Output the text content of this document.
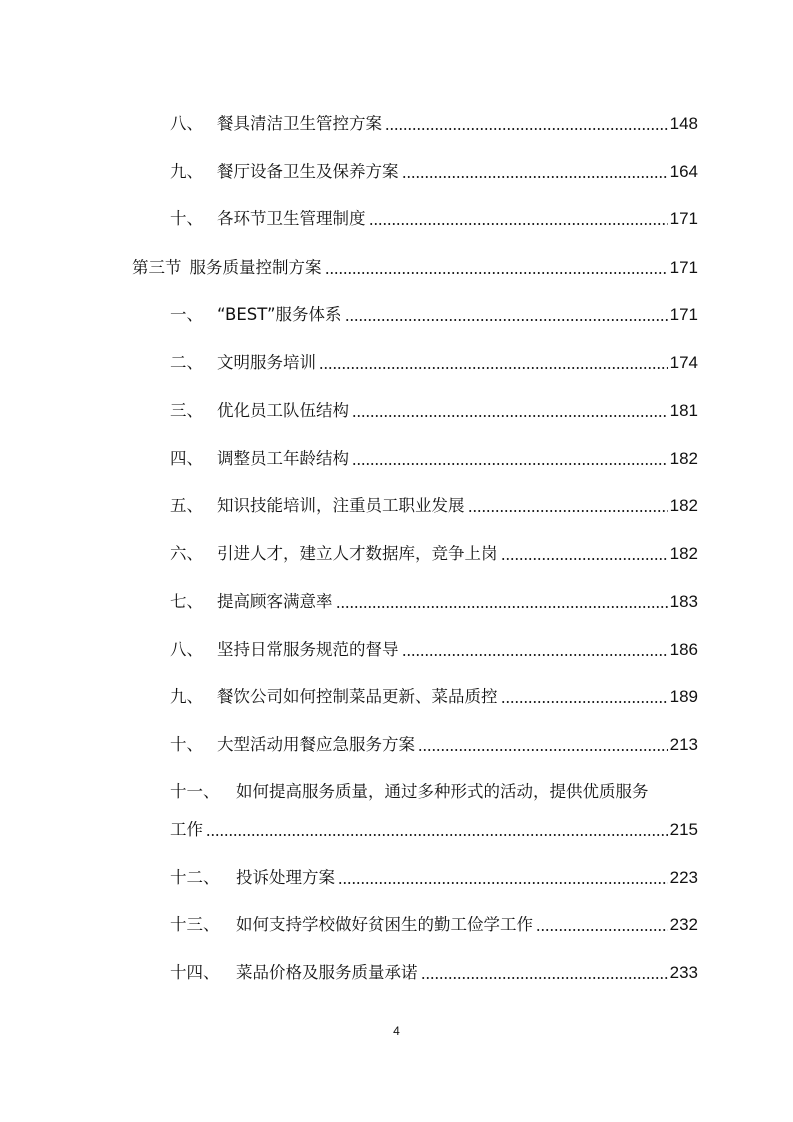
八、 餐具清洁卫生管控方案	148
九、 餐厅设备卫生及保养方案	164
十、 各环节卫生管理制度	171
第三节 服务质量控制方案	171
一、 “BEST”服务体系	171
二、 文明服务培训	174
三、 优化员工队伍结构	181
四、 调整员工年龄结构	182
五、 知识技能培训，注重员工职业发展	182
六、 引进人才，建立人才数据库，竞争上岗	182
七、 提高顾客满意率	183
八、 坚持日常服务规范的督导	186
九、 餐饮公司如何控制菜品更新、菜品质控	189
十、 大型活动用餐应急服务方案	213
十一、 如何提高服务质量，通过多种形式的活动，提供优质服务
工作	215
十二、	投诉处理方案	223
十三、	如何支持学校做好贫困生的勤工俭学工作	232
十四、	菜品价格及服务质量承诺	233
4
